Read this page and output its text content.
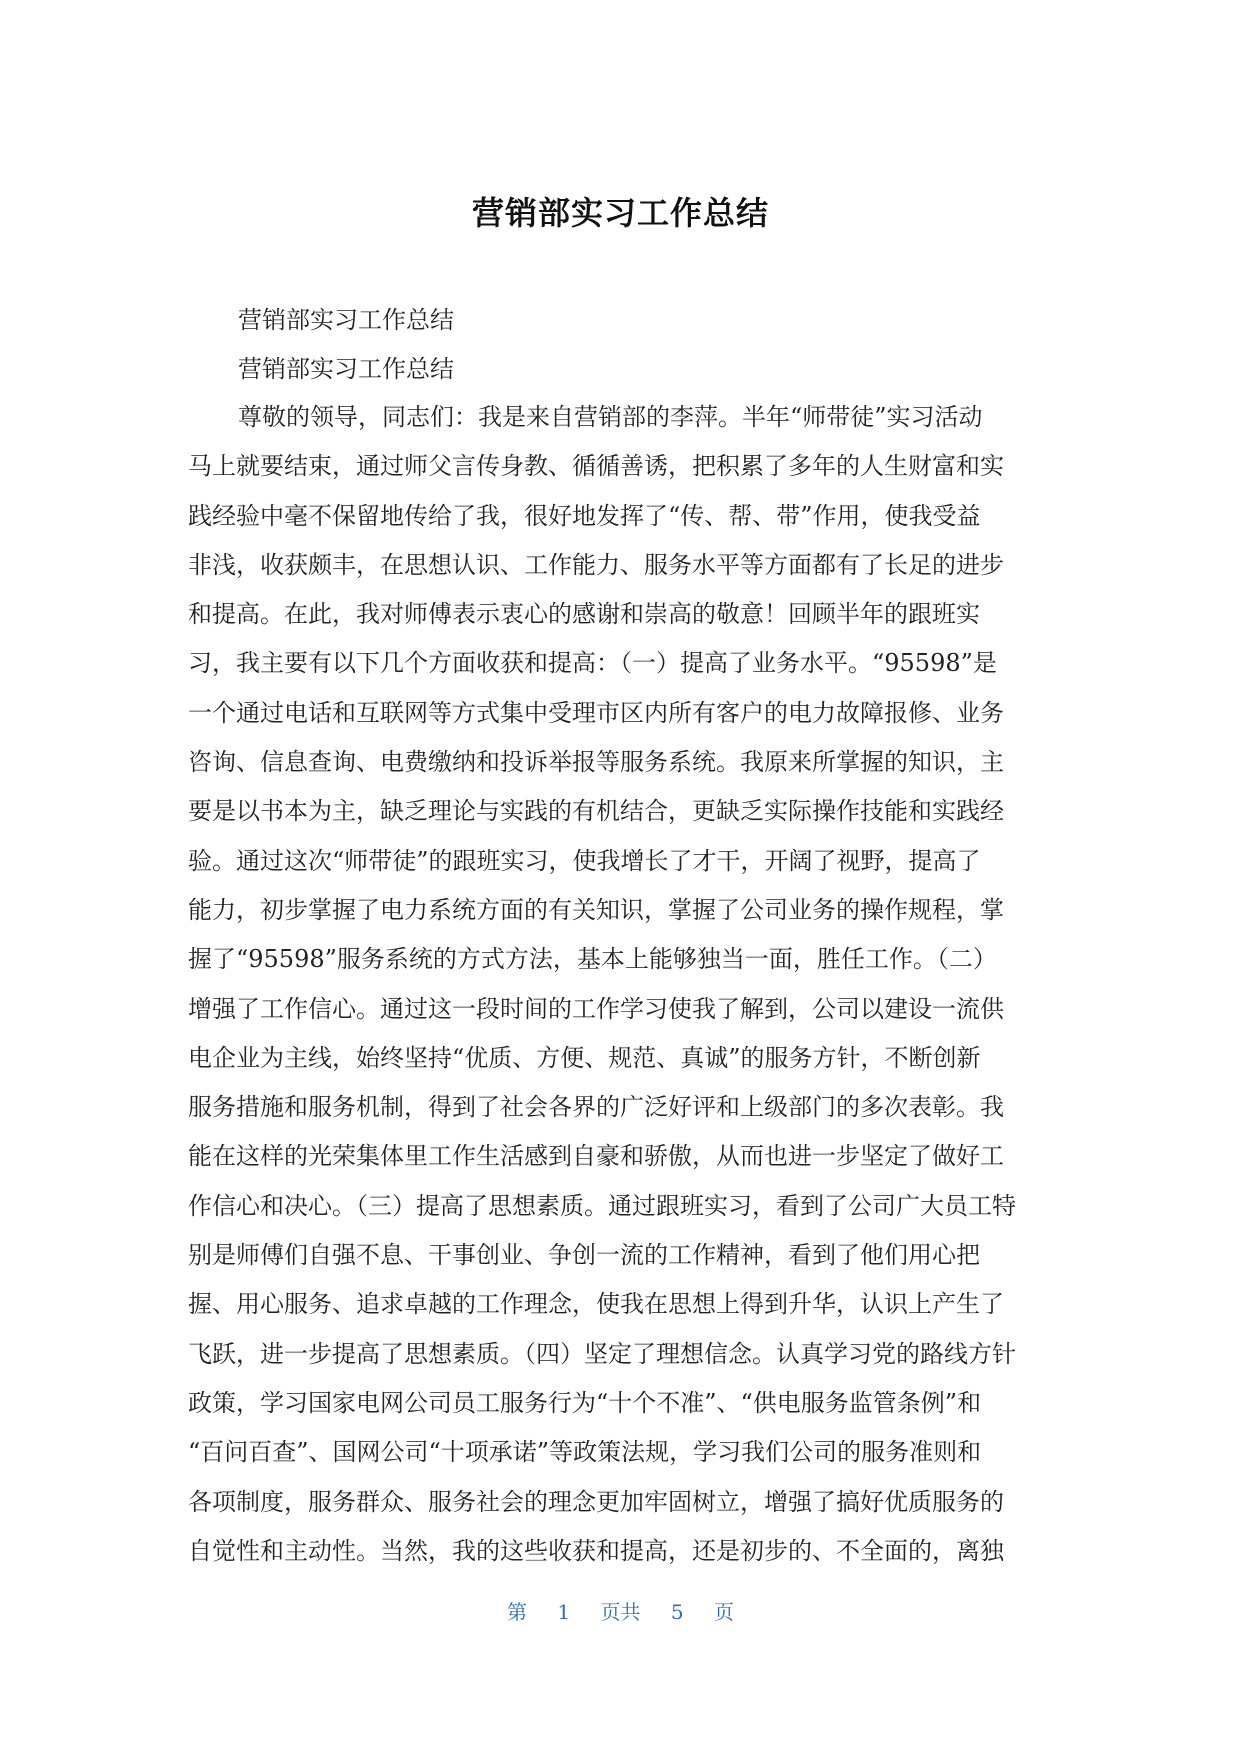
营销部实习工作总结

营销部实习工作总结

营销部实习工作总结

尊敬的领导，同志们：我是来自营销部的李萍。半年“师带徒”实习活动
马上就要结束，通过师父言传身教、循循善诱，把积累了多年的人生财富和实
践经验中毫不保留地传给了我，很好地发挥了“传、帮、带”作用，使我受益
非浅，收获颇丰，在思想认识、工作能力、服务水平等方面都有了长足的进步
和提高。在此，我对师傅表示衷心的感谢和崇高的敬意！回顾半年的跟班实
习，我主要有以下几个方面收获和提高：（一）提高了业务水平。“95598”是
一个通过电话和互联网等方式集中受理市区内所有客户的电力故障报修、业务
咨询、信息查询、电费缴纳和投诉举报等服务系统。我原来所掌握的知识，主
要是以书本为主，缺乏理论与实践的有机结合，更缺乏实际操作技能和实践经
验。通过这次“师带徒”的跟班实习，使我增长了才干，开阔了视野，提高了
能力，初步掌握了电力系统方面的有关知识，掌握了公司业务的操作规程，掌
握了“95598”服务系统的方式方法，基本上能够独当一面，胜任工作。（二）
增强了工作信心。通过这一段时间的工作学习使我了解到，公司以建设一流供
电企业为主线，始终坚持“优质、方便、规范、真诚”的服务方针，不断创新
服务措施和服务机制，得到了社会各界的广泛好评和上级部门的多次表彰。我
能在这样的光荣集体里工作生活感到自豪和骄傲，从而也进一步坚定了做好工
作信心和决心。（三）提高了思想素质。通过跟班实习，看到了公司广大员工特
别是师傅们自强不息、干事创业、争创一流的工作精神，看到了他们用心把
握、用心服务、追求卓越的工作理念，使我在思想上得到升华，认识上产生了
飞跃，进一步提高了思想素质。（四）坚定了理想信念。认真学习党的路线方针
政策，学习国家电网公司员工服务行为“十个不准”、“供电服务监管条例”和
“百问百查”、国网公司“十项承诺”等政策法规，学习我们公司的服务准则和
各项制度，服务群众、服务社会的理念更加牢固树立，增强了搞好优质服务的
自觉性和主动性。当然，我的这些收获和提高，还是初步的、不全面的，离独
第 1 页共 5 页
